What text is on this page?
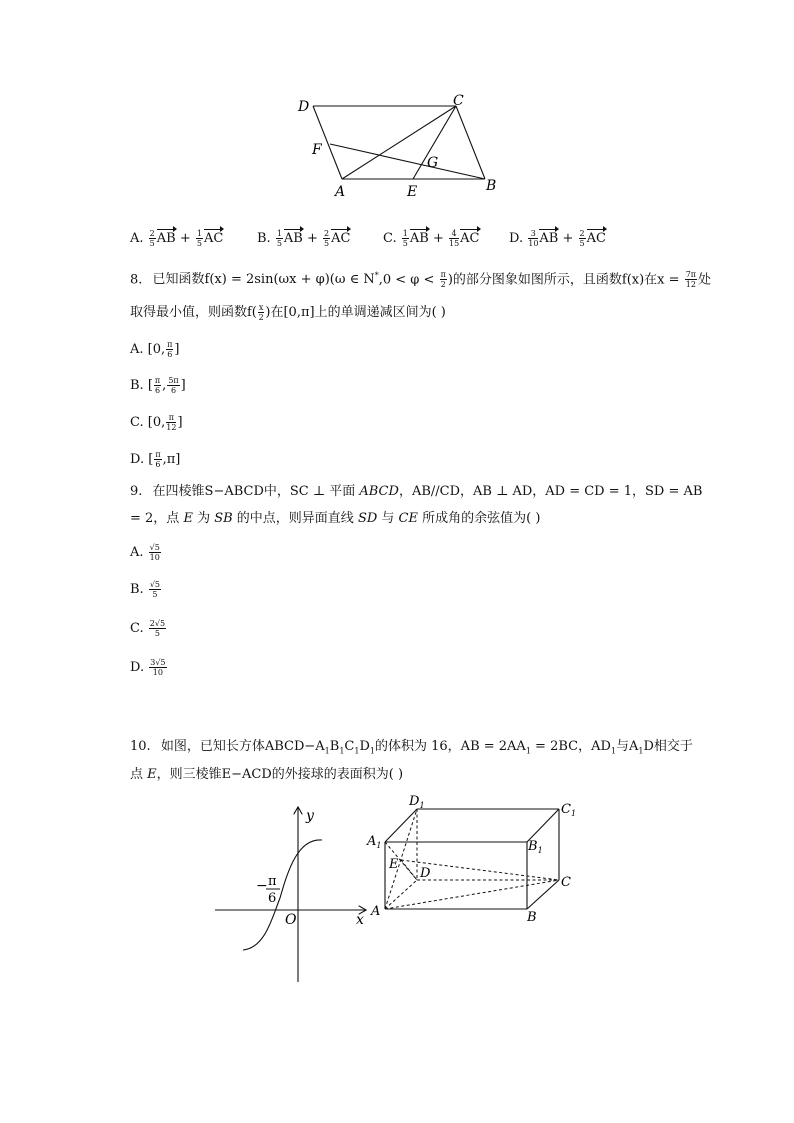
D	C
F
G
A	E	B
A. $\frac{2}{5}$ AB + $\frac{1}{5}$ AC	B. $\frac{1}{5}$ AB + $\frac{2}{5}$ AC	C. $\frac{1}{5}$ AB + $\frac{4}{15}$ AC D. $\frac{3}{10}$ AB + $\frac{2}{5}$ AC
8. 已知函数f(x) = 2sin(ωx + φ)(ω ∈ $N^*,0 < \varphi < \frac{\pi}{2}$ )的部分图象如图所示，且函数f(x)在$x = \frac{7\pi}{12}$ 处
取得最小值，则函数$f( \frac{x}{2}$ )在[0,π]上的单调递减区间为( )
A. [0, $\frac{\pi}{6}$ ]
B. [ $\frac{\pi}{6}$ , $\frac{5\pi}{6}$ ]
C. [0, $\frac{\pi}{12}$ ]
D. [ $\frac{\pi}{6} ,\pi$]
9. 在四棱锥S−ABCD中，SC ⊥ 平面 ABCD，AB//CD，AB ⊥ AD，AD = CD = 1，SD = AB
= 2，点 E 为 SB 的中点，则异面直线 SD 与 CE 所成角的余弦值为( )
A. $\frac{√5}{10}$
B. $\frac{√5}{5}$
C. $\frac{2√5}{5}$
D. $\frac{3√5}{10}$
10. 如图，已知长方体$ABCD-A_1B_1C_1D_1$的体积为 16，AB = $2AA_1 = 2BC$，$AD_1$与$A_1D$相交于
点 E，则三棱锥E−ACD的外接球的表面积为( )
y
x
O
− π
6
$D_1$	$C_1$
$A_1$	$B_1$
E
D
C
A	B
